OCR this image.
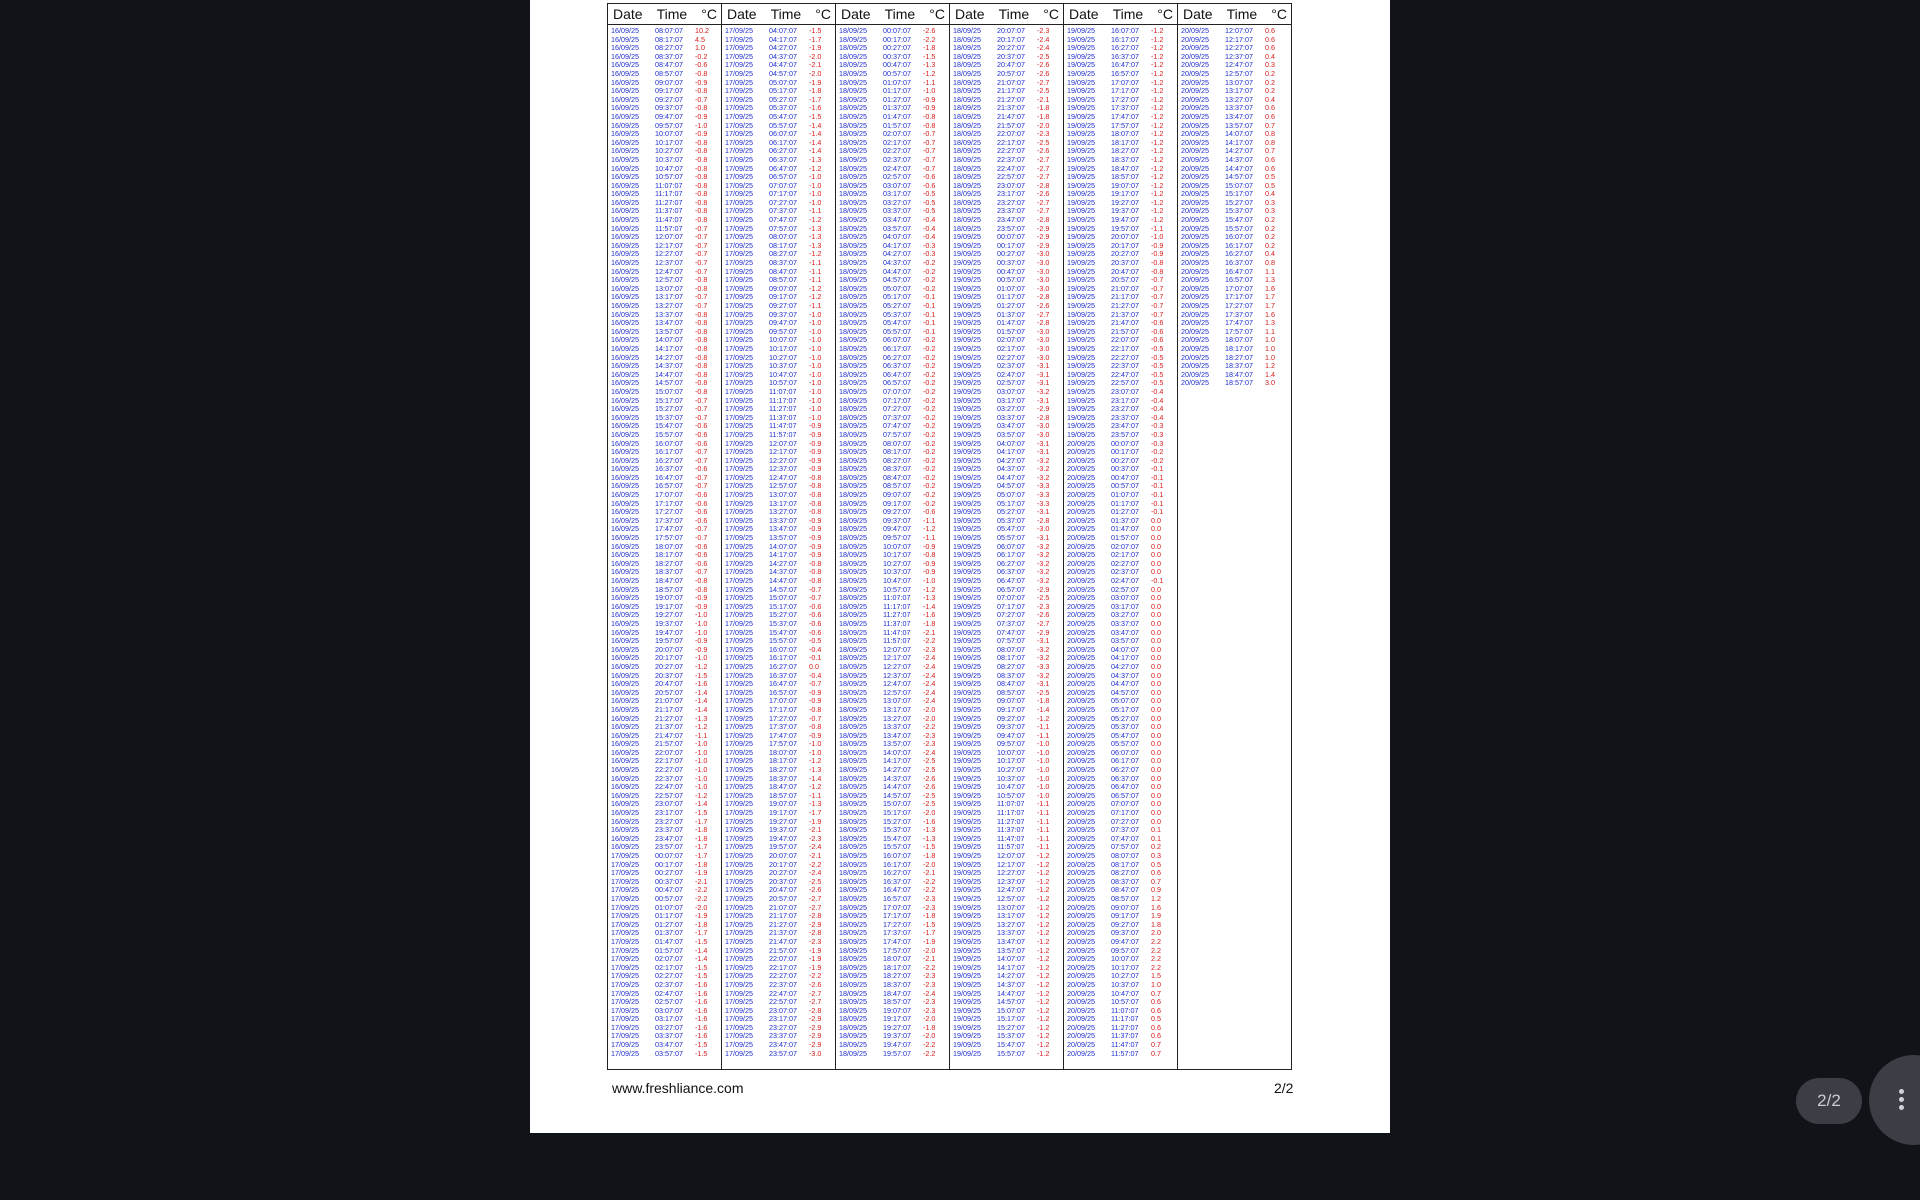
Date Time °C
16/09/25	08:07:07	10.2
16/09/25	08:17:07	4.5
16/09/25	08:27:07	1.0
16/09/25	08:37:07	-0.2
16/09/25	08:47:07	-0.6
16/09/25	08:57:07	-0.8
16/09/25	09:07:07	-0.9
16/09/25	09:17:07	-0.8
16/09/25	09:27:07	-0.7
16/09/25	09:37:07	-0.8
16/09/25	09:47:07	-0.9
16/09/25	09:57:07	-1.0
16/09/25	10:07:07	-0.9
16/09/25	10:17:07	-0.8
16/09/25	10:27:07	-0.8
16/09/25	10:37:07	-0.8
16/09/25	10:47:07	-0.8
16/09/25	10:57:07	-0.8
16/09/25	11:07:07	-0.8
16/09/25	11:17:07	-0.8
16/09/25	11:27:07	-0.8
16/09/25	11:37:07	-0.8
16/09/25	11:47:07	-0.8
16/09/25	11:57:07	-0.7
16/09/25	12:07:07	-0.7
16/09/25	12:17:07	-0.7
16/09/25	12:27:07	-0.7
16/09/25	12:37:07	-0.7
16/09/25	12:47:07	-0.7
16/09/25	12:57:07	-0.8
16/09/25	13:07:07	-0.8
16/09/25	13:17:07	-0.7
16/09/25	13:27:07	-0.7
16/09/25	13:37:07	-0.8
16/09/25	13:47:07	-0.8
16/09/25	13:57:07	-0.8
16/09/25	14:07:07	-0.8
16/09/25	14:17:07	-0.8
16/09/25	14:27:07	-0.8
16/09/25	14:37:07	-0.8
16/09/25	14:47:07	-0.8
16/09/25	14:57:07	-0.8
16/09/25	15:07:07	-0.8
16/09/25	15:17:07	-0.7
16/09/25	15:27:07	-0.7
16/09/25	15:37:07	-0.7
16/09/25	15:47:07	-0.6
16/09/25	15:57:07	-0.6
16/09/25	16:07:07	-0.6
16/09/25	16:17:07	-0.7
16/09/25	16:27:07	-0.7
16/09/25	16:37:07	-0.6
16/09/25	16:47:07	-0.7
16/09/25	16:57:07	-0.7
16/09/25	17:07:07	-0.6
16/09/25	17:17:07	-0.6
16/09/25	17:27:07	-0.6
16/09/25	17:37:07	-0.6
16/09/25	17:47:07	-0.7
16/09/25	17:57:07	-0.7
16/09/25	18:07:07	-0.6
16/09/25	18:17:07	-0.6
16/09/25	18:27:07	-0.6
16/09/25	18:37:07	-0.7
16/09/25	18:47:07	-0.8
16/09/25	18:57:07	-0.8
16/09/25	19:07:07	-0.9
16/09/25	19:17:07	-0.9
16/09/25	19:27:07	-1.0
16/09/25	19:37:07	-1.0
16/09/25	19:47:07	-1.0
16/09/25	19:57:07	-0.9
16/09/25	20:07:07	-0.9
16/09/25	20:17:07	-1.0
16/09/25	20:27:07	-1.2
16/09/25	20:37:07	-1.5
16/09/25	20:47:07	-1.6
16/09/25	20:57:07	-1.4
16/09/25	21:07:07	-1.4
16/09/25	21:17:07	-1.4
16/09/25	21:27:07	-1.3
16/09/25	21:37:07	-1.2
16/09/25	21:47:07	-1.1
16/09/25	21:57:07	-1.0
16/09/25	22:07:07	-1.0
16/09/25	22:17:07	-1.0
16/09/25	22:27:07	-1.0
16/09/25	22:37:07	-1.0
16/09/25	22:47:07	-1.0
16/09/25	22:57:07	-1.2
16/09/25	23:07:07	-1.4
16/09/25	23:17:07	-1.5
16/09/25	23:27:07	-1.7
16/09/25	23:37:07	-1.8
16/09/25	23:47:07	-1.8
16/09/25	23:57:07	-1.7
17/09/25	00:07:07	-1.7
17/09/25	00:17:07	-1.8
17/09/25	00:27:07	-1.9
17/09/25	00:37:07	-2.1
17/09/25	00:47:07	-2.2
17/09/25	00:57:07	-2.2
17/09/25	01:07:07	-2.0
17/09/25	01:17:07	-1.9
17/09/25	01:27:07	-1.8
17/09/25	01:37:07	-1.7
17/09/25	01:47:07	-1.5
17/09/25	01:57:07	-1.4
17/09/25	02:07:07	-1.4
17/09/25	02:17:07	-1.5
17/09/25	02:27:07	-1.5
17/09/25	02:37:07	-1.6
17/09/25	02:47:07	-1.6
17/09/25	02:57:07	-1.6
17/09/25	03:07:07	-1.6
17/09/25	03:17:07	-1.6
17/09/25	03:27:07	-1.6
17/09/25	03:37:07	-1.6
17/09/25	03:47:07	-1.5
17/09/25	03:57:07	-1.5
Date Time °C
17/09/25	04:07:07	-1.5
17/09/25	04:17:07	-1.7
17/09/25	04:27:07	-1.9
17/09/25	04:37:07	-2.0
17/09/25	04:47:07	-2.1
17/09/25	04:57:07	-2.0
17/09/25	05:07:07	-1.9
17/09/25	05:17:07	-1.8
17/09/25	05:27:07	-1.7
17/09/25	05:37:07	-1.6
17/09/25	05:47:07	-1.5
17/09/25	05:57:07	-1.4
17/09/25	06:07:07	-1.4
17/09/25	06:17:07	-1.4
17/09/25	06:27:07	-1.4
17/09/25	06:37:07	-1.3
17/09/25	06:47:07	-1.2
17/09/25	06:57:07	-1.0
17/09/25	07:07:07	-1.0
17/09/25	07:17:07	-1.0
17/09/25	07:27:07	-1.0
17/09/25	07:37:07	-1.1
17/09/25	07:47:07	-1.2
17/09/25	07:57:07	-1.3
17/09/25	08:07:07	-1.3
17/09/25	08:17:07	-1.3
17/09/25	08:27:07	-1.2
17/09/25	08:37:07	-1.1
17/09/25	08:47:07	-1.1
17/09/25	08:57:07	-1.1
17/09/25	09:07:07	-1.2
17/09/25	09:17:07	-1.2
17/09/25	09:27:07	-1.1
17/09/25	09:37:07	-1.0
17/09/25	09:47:07	-1.0
17/09/25	09:57:07	-1.0
17/09/25	10:07:07	-1.0
17/09/25	10:17:07	-1.0
17/09/25	10:27:07	-1.0
17/09/25	10:37:07	-1.0
17/09/25	10:47:07	-1.0
17/09/25	10:57:07	-1.0
17/09/25	11:07:07	-1.0
17/09/25	11:17:07	-1.0
17/09/25	11:27:07	-1.0
17/09/25	11:37:07	-1.0
17/09/25	11:47:07	-0.9
17/09/25	11:57:07	-0.9
17/09/25	12:07:07	-0.9
17/09/25	12:17:07	-0.9
17/09/25	12:27:07	-0.9
17/09/25	12:37:07	-0.9
17/09/25	12:47:07	-0.8
17/09/25	12:57:07	-0.8
17/09/25	13:07:07	-0.8
17/09/25	13:17:07	-0.8
17/09/25	13:27:07	-0.8
17/09/25	13:37:07	-0.9
17/09/25	13:47:07	-0.9
17/09/25	13:57:07	-0.9
17/09/25	14:07:07	-0.9
17/09/25	14:17:07	-0.9
17/09/25	14:27:07	-0.8
17/09/25	14:37:07	-0.8
17/09/25	14:47:07	-0.8
17/09/25	14:57:07	-0.7
17/09/25	15:07:07	-0.7
17/09/25	15:17:07	-0.6
17/09/25	15:27:07	-0.6
17/09/25	15:37:07	-0.6
17/09/25	15:47:07	-0.6
17/09/25	15:57:07	-0.5
17/09/25	16:07:07	-0.4
17/09/25	16:17:07	-0.1
17/09/25	16:27:07	0.0
17/09/25	16:37:07	-0.4
17/09/25	16:47:07	-0.7
17/09/25	16:57:07	-0.9
17/09/25	17:07:07	-0.9
17/09/25	17:17:07	-0.8
17/09/25	17:27:07	-0.7
17/09/25	17:37:07	-0.8
17/09/25	17:47:07	-0.9
17/09/25	17:57:07	-1.0
17/09/25	18:07:07	-1.0
17/09/25	18:17:07	-1.2
17/09/25	18:27:07	-1.3
17/09/25	18:37:07	-1.4
17/09/25	18:47:07	-1.2
17/09/25	18:57:07	-1.1
17/09/25	19:07:07	-1.3
17/09/25	19:17:07	-1.7
17/09/25	19:27:07	-1.9
17/09/25	19:37:07	-2.1
17/09/25	19:47:07	-2.3
17/09/25	19:57:07	-2.4
17/09/25	20:07:07	-2.1
17/09/25	20:17:07	-2.2
17/09/25	20:27:07	-2.4
17/09/25	20:37:07	-2.5
17/09/25	20:47:07	-2.6
17/09/25	20:57:07	-2.7
17/09/25	21:07:07	-2.7
17/09/25	21:17:07	-2.8
17/09/25	21:27:07	-2.9
17/09/25	21:37:07	-2.8
17/09/25	21:47:07	-2.3
17/09/25	21:57:07	-1.9
17/09/25	22:07:07	-1.9
17/09/25	22:17:07	-1.9
17/09/25	22:27:07	-2.2
17/09/25	22:37:07	-2.6
17/09/25	22:47:07	-2.7
17/09/25	22:57:07	-2.7
17/09/25	23:07:07	-2.8
17/09/25	23:17:07	-2.9
17/09/25	23:27:07	-2.9
17/09/25	23:37:07	-2.9
17/09/25	23:47:07	-2.9
17/09/25	23:57:07	-3.0
Date Time °C
18/09/25	00:07:07	-2.6
18/09/25	00:17:07	-2.2
18/09/25	00:27:07	-1.8
18/09/25	00:37:07	-1.5
18/09/25	00:47:07	-1.3
18/09/25	00:57:07	-1.2
18/09/25	01:07:07	-1.1
18/09/25	01:17:07	-1.0
18/09/25	01:27:07	-0.9
18/09/25	01:37:07	-0.9
18/09/25	01:47:07	-0.8
18/09/25	01:57:07	-0.8
18/09/25	02:07:07	-0.7
18/09/25	02:17:07	-0.7
18/09/25	02:27:07	-0.7
18/09/25	02:37:07	-0.7
18/09/25	02:47:07	-0.7
18/09/25	02:57:07	-0.6
18/09/25	03:07:07	-0.6
18/09/25	03:17:07	-0.5
18/09/25	03:27:07	-0.5
18/09/25	03:37:07	-0.5
18/09/25	03:47:07	-0.4
18/09/25	03:57:07	-0.4
18/09/25	04:07:07	-0.4
18/09/25	04:17:07	-0.3
18/09/25	04:27:07	-0.3
18/09/25	04:37:07	-0.2
18/09/25	04:47:07	-0.2
18/09/25	04:57:07	-0.2
18/09/25	05:07:07	-0.2
18/09/25	05:17:07	-0.1
18/09/25	05:27:07	-0.1
18/09/25	05:37:07	-0.1
18/09/25	05:47:07	-0.1
18/09/25	05:57:07	-0.1
18/09/25	06:07:07	-0.2
18/09/25	06:17:07	-0.2
18/09/25	06:27:07	-0.2
18/09/25	06:37:07	-0.2
18/09/25	06:47:07	-0.2
18/09/25	06:57:07	-0.2
18/09/25	07:07:07	-0.2
18/09/25	07:17:07	-0.2
18/09/25	07:27:07	-0.2
18/09/25	07:37:07	-0.2
18/09/25	07:47:07	-0.2
18/09/25	07:57:07	-0.2
18/09/25	08:07:07	-0.2
18/09/25	08:17:07	-0.2
18/09/25	08:27:07	-0.2
18/09/25	08:37:07	-0.2
18/09/25	08:47:07	-0.2
18/09/25	08:57:07	-0.2
18/09/25	09:07:07	-0.2
18/09/25	09:17:07	-0.2
18/09/25	09:27:07	-0.6
18/09/25	09:37:07	-1.1
18/09/25	09:47:07	-1.2
18/09/25	09:57:07	-1.1
18/09/25	10:07:07	-0.9
18/09/25	10:17:07	-0.8
18/09/25	10:27:07	-0.9
18/09/25	10:37:07	-0.9
18/09/25	10:47:07	-1.0
18/09/25	10:57:07	-1.2
18/09/25	11:07:07	-1.3
18/09/25	11:17:07	-1.4
18/09/25	11:27:07	-1.6
18/09/25	11:37:07	-1.8
18/09/25	11:47:07	-2.1
18/09/25	11:57:07	-2.2
18/09/25	12:07:07	-2.3
18/09/25	12:17:07	-2.4
18/09/25	12:27:07	-2.4
18/09/25	12:37:07	-2.4
18/09/25	12:47:07	-2.4
18/09/25	12:57:07	-2.4
18/09/25	13:07:07	-2.4
18/09/25	13:17:07	-2.0
18/09/25	13:27:07	-2.0
18/09/25	13:37:07	-2.2
18/09/25	13:47:07	-2.3
18/09/25	13:57:07	-2.3
18/09/25	14:07:07	-2.4
18/09/25	14:17:07	-2.5
18/09/25	14:27:07	-2.5
18/09/25	14:37:07	-2.6
18/09/25	14:47:07	-2.6
18/09/25	14:57:07	-2.5
18/09/25	15:07:07	-2.5
18/09/25	15:17:07	-2.0
18/09/25	15:27:07	-1.6
18/09/25	15:37:07	-1.3
18/09/25	15:47:07	-1.3
18/09/25	15:57:07	-1.5
18/09/25	16:07:07	-1.8
18/09/25	16:17:07	-2.0
18/09/25	16:27:07	-2.1
18/09/25	16:37:07	-2.2
18/09/25	16:47:07	-2.2
18/09/25	16:57:07	-2.3
18/09/25	17:07:07	-2.3
18/09/25	17:17:07	-1.8
18/09/25	17:27:07	-1.5
18/09/25	17:37:07	-1.7
18/09/25	17:47:07	-1.9
18/09/25	17:57:07	-2.0
18/09/25	18:07:07	-2.1
18/09/25	18:17:07	-2.2
18/09/25	18:27:07	-2.3
18/09/25	18:37:07	-2.3
18/09/25	18:47:07	-2.4
18/09/25	18:57:07	-2.3
18/09/25	19:07:07	-2.3
18/09/25	19:17:07	-2.0
18/09/25	19:27:07	-1.8
18/09/25	19:37:07	-2.0
18/09/25	19:47:07	-2.2
18/09/25	19:57:07	-2.2
Date Time °C
18/09/25	20:07:07	-2.3
18/09/25	20:17:07	-2.4
18/09/25	20:27:07	-2.4
18/09/25	20:37:07	-2.5
18/09/25	20:47:07	-2.6
18/09/25	20:57:07	-2.6
18/09/25	21:07:07	-2.7
18/09/25	21:17:07	-2.5
18/09/25	21:27:07	-2.1
18/09/25	21:37:07	-1.8
18/09/25	21:47:07	-1.8
18/09/25	21:57:07	-2.0
18/09/25	22:07:07	-2.3
18/09/25	22:17:07	-2.5
18/09/25	22:27:07	-2.6
18/09/25	22:37:07	-2.7
18/09/25	22:47:07	-2.7
18/09/25	22:57:07	-2.7
18/09/25	23:07:07	-2.8
18/09/25	23:17:07	-2.6
18/09/25	23:27:07	-2.7
18/09/25	23:37:07	-2.7
18/09/25	23:47:07	-2.8
18/09/25	23:57:07	-2.9
19/09/25	00:07:07	-2.9
19/09/25	00:17:07	-2.9
19/09/25	00:27:07	-3.0
19/09/25	00:37:07	-3.0
19/09/25	00:47:07	-3.0
19/09/25	00:57:07	-3.0
19/09/25	01:07:07	-3.0
19/09/25	01:17:07	-2.8
19/09/25	01:27:07	-2.6
19/09/25	01:37:07	-2.7
19/09/25	01:47:07	-2.8
19/09/25	01:57:07	-3.0
19/09/25	02:07:07	-3.0
19/09/25	02:17:07	-3.0
19/09/25	02:27:07	-3.0
19/09/25	02:37:07	-3.1
19/09/25	02:47:07	-3.1
19/09/25	02:57:07	-3.1
19/09/25	03:07:07	-3.2
19/09/25	03:17:07	-3.1
19/09/25	03:27:07	-2.9
19/09/25	03:37:07	-2.8
19/09/25	03:47:07	-3.0
19/09/25	03:57:07	-3.0
19/09/25	04:07:07	-3.1
19/09/25	04:17:07	-3.1
19/09/25	04:27:07	-3.2
19/09/25	04:37:07	-3.2
19/09/25	04:47:07	-3.2
19/09/25	04:57:07	-3.3
19/09/25	05:07:07	-3.3
19/09/25	05:17:07	-3.3
19/09/25	05:27:07	-3.1
19/09/25	05:37:07	-2.8
19/09/25	05:47:07	-3.0
19/09/25	05:57:07	-3.1
19/09/25	06:07:07	-3.2
19/09/25	06:17:07	-3.2
19/09/25	06:27:07	-3.2
19/09/25	06:37:07	-3.2
19/09/25	06:47:07	-3.2
19/09/25	06:57:07	-2.9
19/09/25	07:07:07	-2.5
19/09/25	07:17:07	-2.3
19/09/25	07:27:07	-2.6
19/09/25	07:37:07	-2.7
19/09/25	07:47:07	-2.9
19/09/25	07:57:07	-3.1
19/09/25	08:07:07	-3.2
19/09/25	08:17:07	-3.2
19/09/25	08:27:07	-3.3
19/09/25	08:37:07	-3.2
19/09/25	08:47:07	-3.1
19/09/25	08:57:07	-2.5
19/09/25	09:07:07	-1.8
19/09/25	09:17:07	-1.4
19/09/25	09:27:07	-1.2
19/09/25	09:37:07	-1.1
19/09/25	09:47:07	-1.1
19/09/25	09:57:07	-1.0
19/09/25	10:07:07	-1.0
19/09/25	10:17:07	-1.0
19/09/25	10:27:07	-1.0
19/09/25	10:37:07	-1.0
19/09/25	10:47:07	-1.0
19/09/25	10:57:07	-1.0
19/09/25	11:07:07	-1.1
19/09/25	11:17:07	-1.1
19/09/25	11:27:07	-1.1
19/09/25	11:37:07	-1.1
19/09/25	11:47:07	-1.1
19/09/25	11:57:07	-1.1
19/09/25	12:07:07	-1.2
19/09/25	12:17:07	-1.2
19/09/25	12:27:07	-1.2
19/09/25	12:37:07	-1.2
19/09/25	12:47:07	-1.2
19/09/25	12:57:07	-1.2
19/09/25	13:07:07	-1.2
19/09/25	13:17:07	-1.2
19/09/25	13:27:07	-1.2
19/09/25	13:37:07	-1.2
19/09/25	13:47:07	-1.2
19/09/25	13:57:07	-1.2
19/09/25	14:07:07	-1.2
19/09/25	14:17:07	-1.2
19/09/25	14:27:07	-1.2
19/09/25	14:37:07	-1.2
19/09/25	14:47:07	-1.2
19/09/25	14:57:07	-1.2
19/09/25	15:07:07	-1.2
19/09/25	15:17:07	-1.2
19/09/25	15:27:07	-1.2
19/09/25	15:37:07	-1.2
19/09/25	15:47:07	-1.2
19/09/25	15:57:07	-1.2
Date Time °C
19/09/25	16:07:07	-1.2
19/09/25	16:17:07	-1.2
19/09/25	16:27:07	-1.2
19/09/25	16:37:07	-1.2
19/09/25	16:47:07	-1.2
19/09/25	16:57:07	-1.2
19/09/25	17:07:07	-1.2
19/09/25	17:17:07	-1.2
19/09/25	17:27:07	-1.2
19/09/25	17:37:07	-1.2
19/09/25	17:47:07	-1.2
19/09/25	17:57:07	-1.2
19/09/25	18:07:07	-1.2
19/09/25	18:17:07	-1.2
19/09/25	18:27:07	-1.2
19/09/25	18:37:07	-1.2
19/09/25	18:47:07	-1.2
19/09/25	18:57:07	-1.2
19/09/25	19:07:07	-1.2
19/09/25	19:17:07	-1.2
19/09/25	19:27:07	-1.2
19/09/25	19:37:07	-1.2
19/09/25	19:47:07	-1.2
19/09/25	19:57:07	-1.1
19/09/25	20:07:07	-1.0
19/09/25	20:17:07	-0.9
19/09/25	20:27:07	-0.9
19/09/25	20:37:07	-0.8
19/09/25	20:47:07	-0.8
19/09/25	20:57:07	-0.7
19/09/25	21:07:07	-0.7
19/09/25	21:17:07	-0.7
19/09/25	21:27:07	-0.7
19/09/25	21:37:07	-0.7
19/09/25	21:47:07	-0.6
19/09/25	21:57:07	-0.6
19/09/25	22:07:07	-0.6
19/09/25	22:17:07	-0.5
19/09/25	22:27:07	-0.5
19/09/25	22:37:07	-0.5
19/09/25	22:47:07	-0.5
19/09/25	22:57:07	-0.5
19/09/25	23:07:07	-0.4
19/09/25	23:17:07	-0.4
19/09/25	23:27:07	-0.4
19/09/25	23:37:07	-0.4
19/09/25	23:47:07	-0.3
19/09/25	23:57:07	-0.3
20/09/25	00:07:07	-0.3
20/09/25	00:17:07	-0.2
20/09/25	00:27:07	-0.2
20/09/25	00:37:07	-0.1
20/09/25	00:47:07	-0.1
20/09/25	00:57:07	-0.1
20/09/25	01:07:07	-0.1
20/09/25	01:17:07	-0.1
20/09/25	01:27:07	-0.1
20/09/25	01:37:07	0.0
20/09/25	01:47:07	0.0
20/09/25	01:57:07	0.0
20/09/25	02:07:07	0.0
20/09/25	02:17:07	0.0
20/09/25	02:27:07	0.0
20/09/25	02:37:07	0.0
20/09/25	02:47:07	-0.1
20/09/25	02:57:07	0.0
20/09/25	03:07:07	0.0
20/09/25	03:17:07	0.0
20/09/25	03:27:07	0.0
20/09/25	03:37:07	0.0
20/09/25	03:47:07	0.0
20/09/25	03:57:07	0.0
20/09/25	04:07:07	0.0
20/09/25	04:17:07	0.0
20/09/25	04:27:07	0.0
20/09/25	04:37:07	0.0
20/09/25	04:47:07	0.0
20/09/25	04:57:07	0.0
20/09/25	05:07:07	0.0
20/09/25	05:17:07	0.0
20/09/25	05:27:07	0.0
20/09/25	05:37:07	0.0
20/09/25	05:47:07	0.0
20/09/25	05:57:07	0.0
20/09/25	06:07:07	0.0
20/09/25	06:17:07	0.0
20/09/25	06:27:07	0.0
20/09/25	06:37:07	0.0
20/09/25	06:47:07	0.0
20/09/25	06:57:07	0.0
20/09/25	07:07:07	0.0
20/09/25	07:17:07	0.0
20/09/25	07:27:07	0.0
20/09/25	07:37:07	0.1
20/09/25	07:47:07	0.1
20/09/25	07:57:07	0.2
20/09/25	08:07:07	0.3
20/09/25	08:17:07	0.5
20/09/25	08:27:07	0.6
20/09/25	08:37:07	0.7
20/09/25	08:47:07	0.9
20/09/25	08:57:07	1.2
20/09/25	09:07:07	1.6
20/09/25	09:17:07	1.9
20/09/25	09:27:07	1.8
20/09/25	09:37:07	2.0
20/09/25	09:47:07	2.2
20/09/25	09:57:07	2.2
20/09/25	10:07:07	2.2
20/09/25	10:17:07	2.2
20/09/25	10:27:07	1.5
20/09/25	10:37:07	1.0
20/09/25	10:47:07	0.7
20/09/25	10:57:07	0.6
20/09/25	11:07:07	0.6
20/09/25	11:17:07	0.5
20/09/25	11:27:07	0.6
20/09/25	11:37:07	0.6
20/09/25	11:47:07	0.7
20/09/25	11:57:07	0.7
Date Time °C
20/09/25	12:07:07	0.6
20/09/25	12:17:07	0.6
20/09/25	12:27:07	0.6
20/09/25	12:37:07	0.4
20/09/25	12:47:07	0.3
20/09/25	12:57:07	0.2
20/09/25	13:07:07	0.2
20/09/25	13:17:07	0.2
20/09/25	13:27:07	0.4
20/09/25	13:37:07	0.6
20/09/25	13:47:07	0.6
20/09/25	13:57:07	0.7
20/09/25	14:07:07	0.8
20/09/25	14:17:07	0.8
20/09/25	14:27:07	0.7
20/09/25	14:37:07	0.6
20/09/25	14:47:07	0.6
20/09/25	14:57:07	0.5
20/09/25	15:07:07	0.5
20/09/25	15:17:07	0.4
20/09/25	15:27:07	0.3
20/09/25	15:37:07	0.3
20/09/25	15:47:07	0.2
20/09/25	15:57:07	0.2
20/09/25	16:07:07	0.2
20/09/25	16:17:07	0.2
20/09/25	16:27:07	0.4
20/09/25	16:37:07	0.8
20/09/25	16:47:07	1.1
20/09/25	16:57:07	1.3
20/09/25	17:07:07	1.6
20/09/25	17:17:07	1.7
20/09/25	17:27:07	1.7
20/09/25	17:37:07	1.6
20/09/25	17:47:07	1.3
20/09/25	17:57:07	1.1
20/09/25	18:07:07	1.0
20/09/25	18:17:07	1.0
20/09/25	18:27:07	1.0
20/09/25	18:37:07	1.2
20/09/25	18:47:07	1.4
20/09/25	18:57:07	3.0
www.freshliance.com	2/2
2/2
